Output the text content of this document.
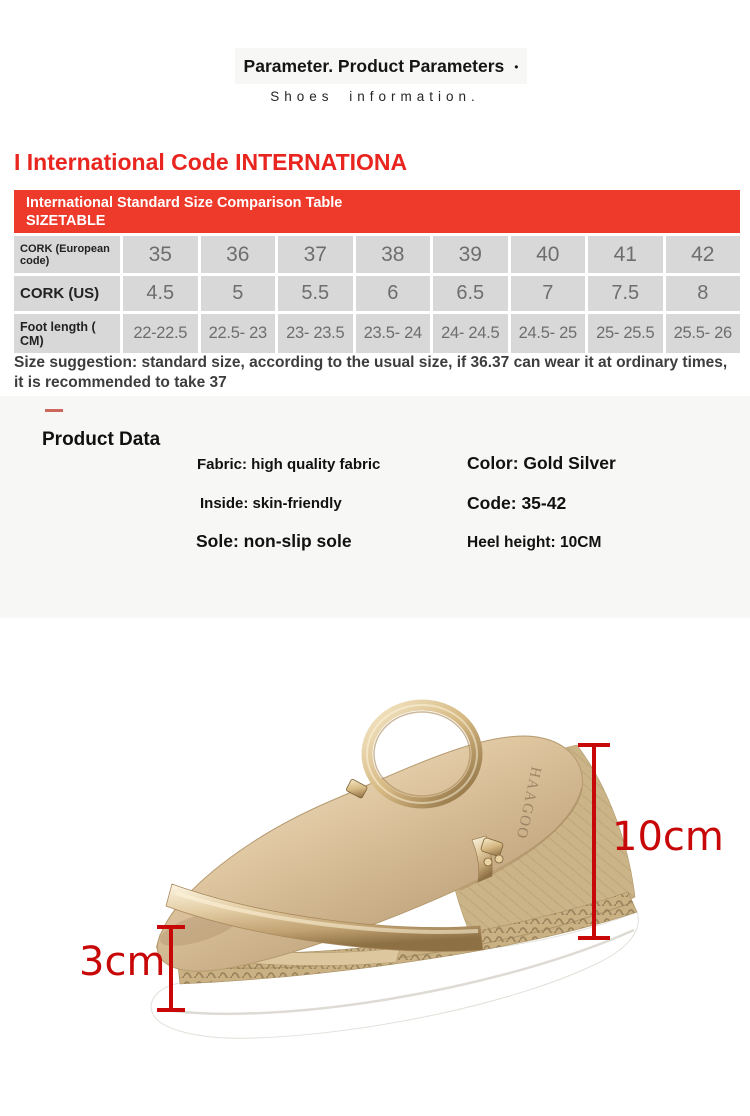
Parameter. Product Parameters •
Shoes information.
I International Code INTERNATIONA
International Standard Size Comparison Table SIZETABLE
CORK (European code)	35	36	37	38	39	40	41	42
CORK (US)	4.5	5	5.5	6	6.5	7	7.5	8
Foot length ( CM)	22-22.5	22.5- 23	23- 23.5	23.5- 24	24- 24.5	24.5- 25	25- 25.5	25.5- 26
Size suggestion: standard size, according to the usual size, if 36.37 can wear it at ordinary times, it is recommended to take 37
Product Data
Fabric: high quality fabric
Inside: skin-friendly
Sole: non-slip sole
Color: Gold Silver
Code: 35-42
Heel height: 10CM
HAAGOO 10cm
3cm
